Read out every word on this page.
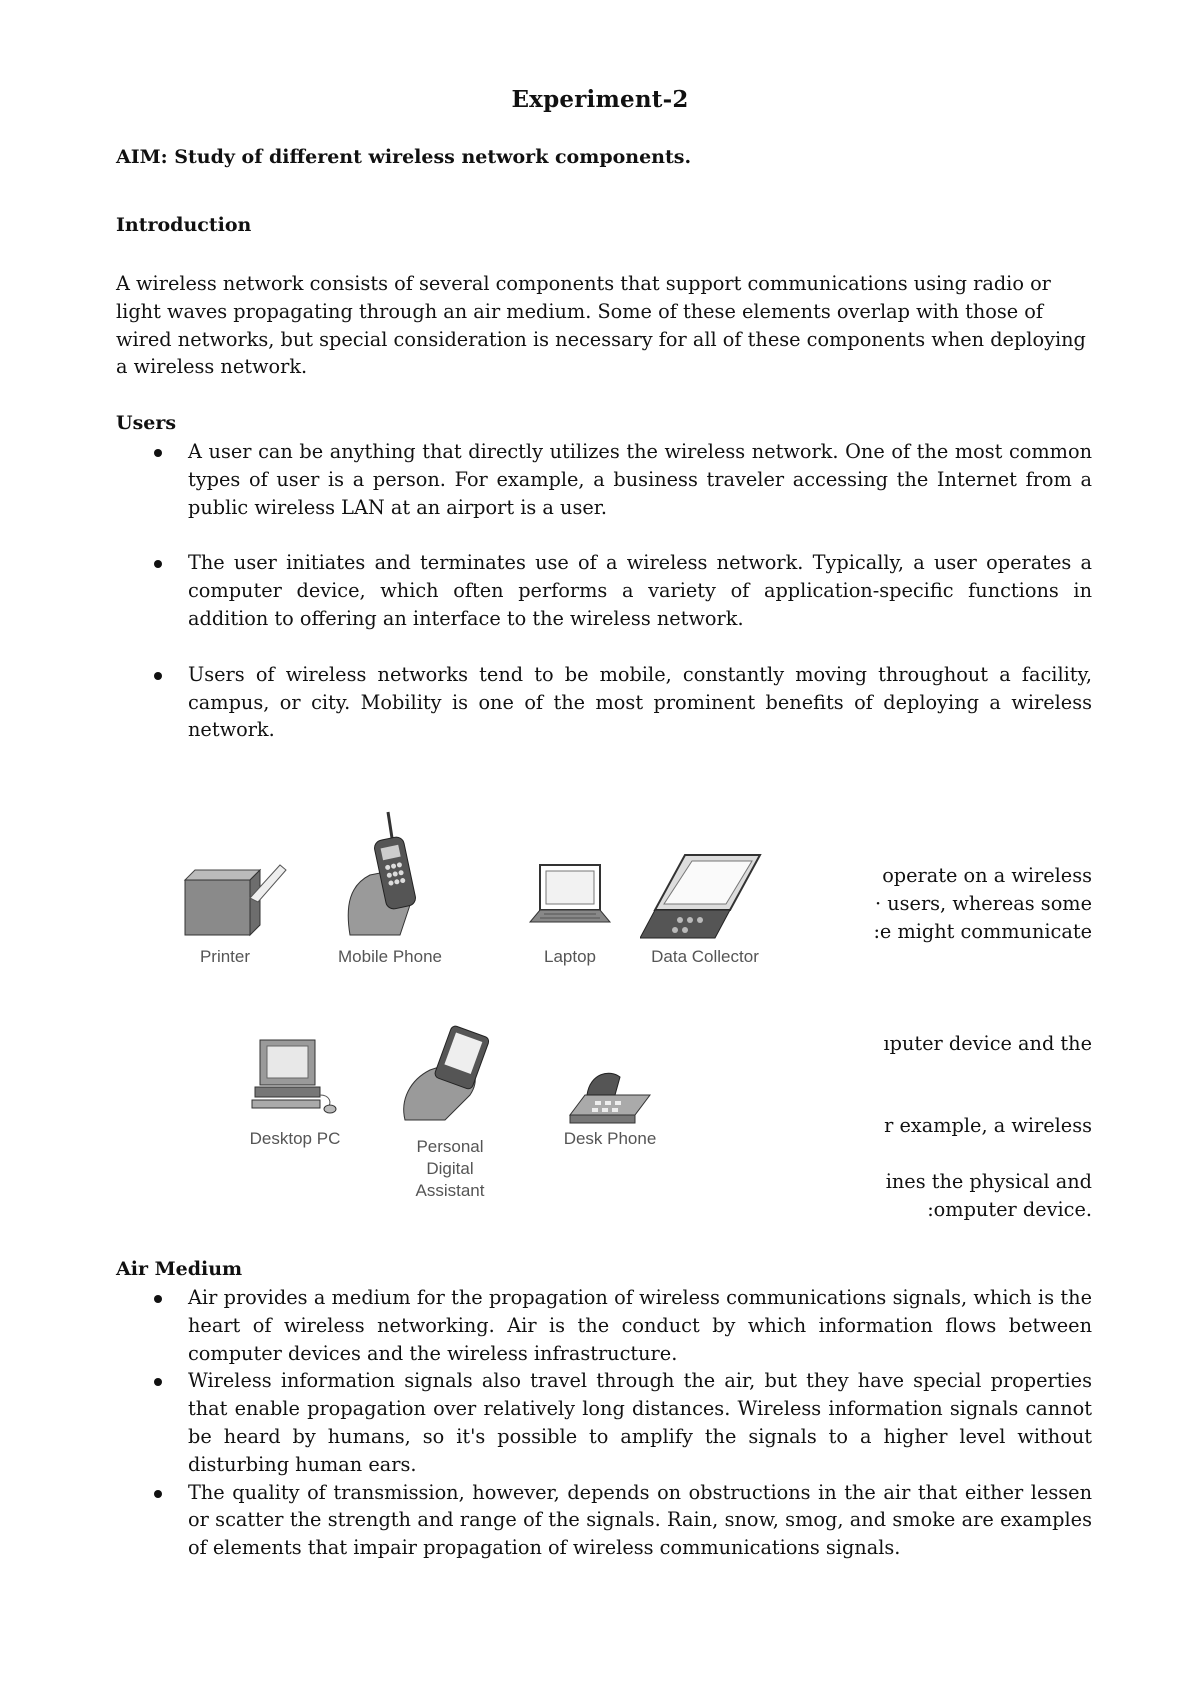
Experiment-2
AIM: Study of different wireless network components.
Introduction
A wireless network consists of several components that support communications using radio or
light waves propagating through an air medium. Some of these elements overlap with those of
wired networks, but special consideration is necessary for all of these components when deploying
a wireless network.
Users
A user can be anything that directly utilizes the wireless network. One of the most common types of user is a person. For example, a business traveler accessing the Internet from a public wireless LAN at an airport is a user.
The user initiates and terminates use of a wireless network. Typically, a user operates a computer device, which often performs a variety of application-specific functions in addition to offering an interface to the wireless network.
Users of wireless networks tend to be mobile, constantly moving throughout a facility, campus, or city. Mobility is one of the most prominent benefits of deploying a wireless network.
operate on a wireless
· users, whereas some
:e might communicate
ıputer device and the
r example, a wireless
ines the physical and
:omputer device.
Printer	Mobile Phone	Laptop	Data Collector
Desktop PC	Personal
Digital
Assistant
Desk Phone
Air Medium
Air provides a medium for the propagation of wireless communications signals, which is the heart of wireless networking. Air is the conduct by which information flows between computer devices and the wireless infrastructure.
Wireless information signals also travel through the air, but they have special properties that enable propagation over relatively long distances. Wireless information signals cannot be heard by humans, so it's possible to amplify the signals to a higher level without disturbing human ears.
The quality of transmission, however, depends on obstructions in the air that either lessen or scatter the strength and range of the signals. Rain, snow, smog, and smoke are examples of elements that impair propagation of wireless communications signals.
